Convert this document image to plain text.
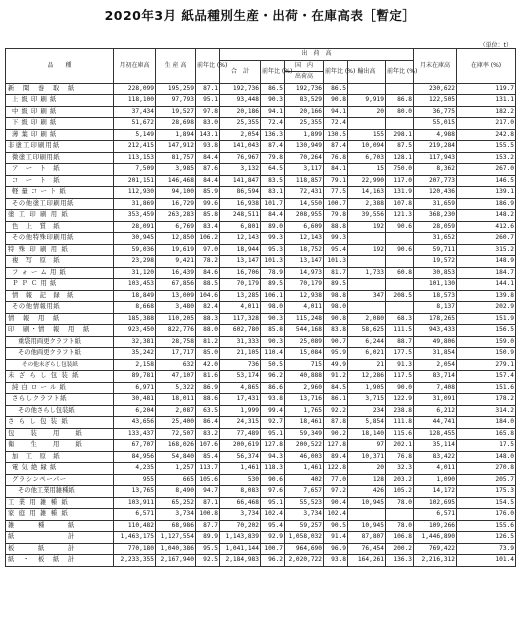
2020年3月 紙品種別生産・出荷・在庫高表［暫定］
（単位：t）
品　　種	月初在庫高	生 産 高	前年比 (%)	出　荷　高						月末在庫高	在庫率 (%)
				合　計	前年比 (%)	国　内	前年比 (%)	輸出高	前年比 (%)		
						出荷高					
新　聞　巻　取　紙	228,099	195,259	87.1	192,736	86.5	192,736	86.5			230,622	119.7
上 級 印 刷 紙	118,100	97,793	95.1	93,448	90.3	83,529	90.8	9,919	86.8	122,505	131.1
中 級 印 刷 紙	37,434	19,527	97.8	20,186	94.1	20,166	94.1	20	80.0	36,775	182.2
下 級 印 刷 紙	51,672	28,698	83.0	25,355	72.4	25,355	72.4			55,015	217.0
薄 葉 印 刷 紙	5,149	1,894	143.1	2,054	136.3	1,899	130.5	155	298.1	4,988	242.8
非塗工印刷用紙	212,415	147,912	93.8	141,043	87.4	130,949	87.4	10,094	87.5	219,284	155.5
微塗工印刷用紙	113,153	81,757	84.4	76,967	79.8	70,264	76.8	6,703	128.1	117,943	153.2
ア　ー　ト　紙	7,509	3,985	87.6	3,132	64.5	3,117	84.1	15	750.0	8,362	267.0
コ　ー　ト　紙	201,151	146,468	84.4	141,847	83.5	118,857	79.1	22,990	117.0	207,773	146.5
軽 量 コ ー ト 紙	112,930	94,100	85.9	86,594	83.1	72,431	77.5	14,163	131.9	120,436	139.1
その他塗工印刷用紙	31,869	16,729	99.6	16,938	101.7	14,550	100.7	2,388	107.8	31,659	186.9
塗 工 印 刷 用 紙	353,459	263,283	85.8	248,511	84.4	208,955	79.8	39,556	121.3	368,230	148.2
色　上　質　紙	28,091	6,769	83.4	6,801	89.0	6,609	88.8	192	90.6	28,059	412.6
その他特殊印刷用紙	30,945	12,850	106.2	12,143	99.3	12,143	99.3			31,652	260.7
特 殊 印 刷 用 紙	59,036	19,619	97.0	18,944	95.3	18,752	95.4	192	90.6	59,711	315.2
複　写　原　紙	23,298	9,421	78.2	13,147	101.3	13,147	101.3			19,572	148.9
フ ォ ー ム 用 紙	31,120	16,439	84.6	16,706	78.9	14,973	81.7	1,733	60.8	30,853	184.7
Ｐ Ｐ Ｃ 用 紙	103,453	67,856	88.5	70,179	89.5	70,179	89.5			101,130	144.1
情　報　記　録　紙	18,849	13,009	104.6	13,285	106.1	12,938	98.8	347	208.5	18,573	139.8
その他情報用紙	8,668	3,480	82.4	4,011	98.0	4,011	98.0			8,137	202.9
情　報　用　紙	185,388	110,205	88.3	117,328	90.3	115,248	90.8	2,080	68.3	178,265	151.9
印　刷・情　報　用　紙	923,450	822,776	88.0	602,780	85.8	544,168	83.8	58,625	111.5	943,433	156.5
重袋用両更クラフト紙	32,381	28,758	81.2	31,333	90.3	25,089	90.7	6,244	88.7	49,806	159.0
その他両更クラフト紙	35,242	17,717	85.0	21,105	110.4	15,084	95.9	6,021	177.5	31,854	150.9
その他未ざらし包装紙	2,158	632	42.0	736	50.5	715	49.9	21	91.3	2,054	279.1
未 ざ ら し 包 装 紙	89,781	47,107	81.6	53,174	96.2	40,888	91.2	12,286	117.5	83,714	157.4
純 白 ロ ー ル 紙	6,971	5,322	86.9	4,865	86.6	2,960	84.5	1,905	90.0	7,408	151.6
さらしクラフト紙	30,481	18,011	88.6	17,431	93.8	13,716	86.1	3,715	122.9	31,091	178.2
その他さらし包装紙	6,204	2,087	63.5	1,999	99.4	1,765	92.2	234	238.8	6,212	314.2
さ ら し 包 装 紙	43,656	25,400	86.4	24,315	92.7	18,461	87.8	5,854	111.8	44,741	184.0
包　　装　　用　　紙	133,437	72,507	83.2	77,489	95.1	59,349	90.2	18,140	115.6	128,455	165.8
衛　　生　　用　　紙	67,707	168,026	107.6	200,619	127.8	200,522	127.8	97	202.1	35,114	17.5
加　工　原　紙	84,956	54,840	85.4	56,374	94.3	46,003	89.4	10,371	76.8	83,422	148.0
電 気 絶 縁 紙	4,235	1,257	113.7	1,461	118.3	1,461	122.8	20	32.3	4,011	270.8
グラシンペーパー	955	665	105.6	530	90.6	402	77.0	128	203.2	1,090	205.7
その他工業用雑種紙	13,765	8,490	94.7	8,083	97.6	7,657	97.2	426	105.2	14,172	175.3
工 業 用 雑 種 紙	103,911	65,252	87.1	66,468	95.1	55,523	90.4	10,945	78.0	102,695	154.5
家 庭 用 雑 種 紙	6,571	3,734	100.8	3,734	102.4	3,734	102.4			6,571	176.0
雑　　　種　　　紙	110,482	68,986	87.7	70,202	95.4	59,257	90.5	10,945	78.0	109,266	155.6
紙　　　　　　　計	1,463,175	1,127,554	89.9	1,143,839	92.9	1,058,032	91.4	87,807	106.8	1,446,890	126.5
板　　　紙　　　計	770,180	1,040,386	95.5	1,041,144	100.7	964,690	96.9	76,454	200.2	769,422	73.9
紙　・　板　紙　計	2,233,355	2,167,940	92.5	2,184,983	96.2	2,020,722	93.8	164,261	136.3	2,216,312	101.4
